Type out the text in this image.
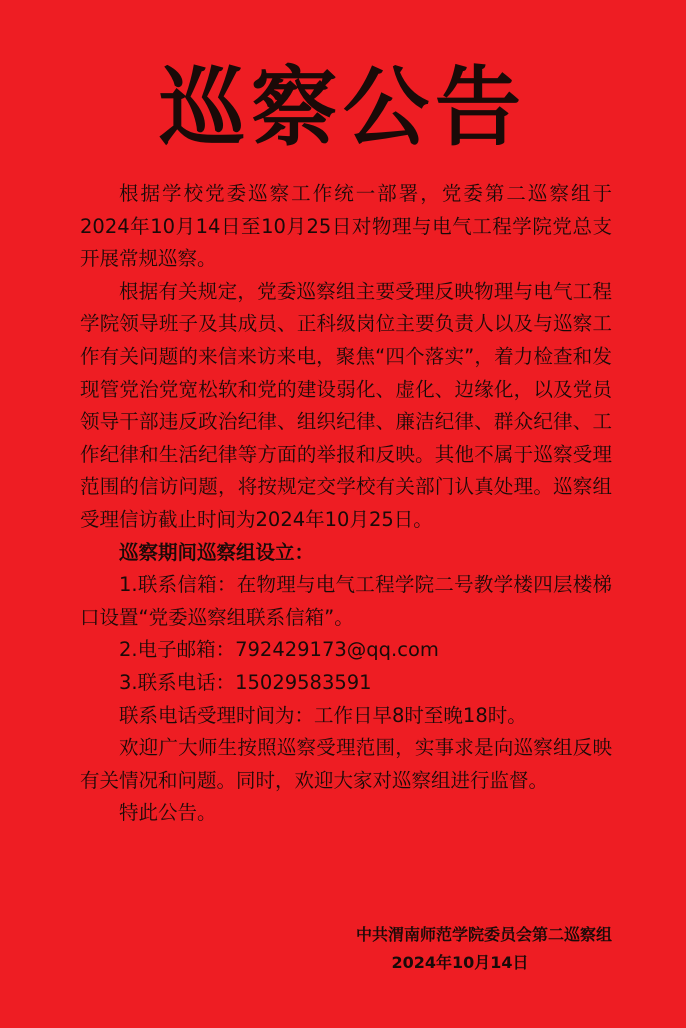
巡察公告

根据学校党委巡察工作统一部署，党委第二巡察组于2024年10月14日至10月25日对物理与电气工程学院党总支开展常规巡察。

根据有关规定，党委巡察组主要受理反映物理与电气工程学院领导班子及其成员、正科级岗位主要负责人以及与巡察工作有关问题的来信来访来电，聚焦“四个落实”，着力检查和发现管党治党宽松软和党的建设弱化、虚化、边缘化，以及党员领导干部违反政治纪律、组织纪律、廉洁纪律、群众纪律、工作纪律和生活纪律等方面的举报和反映。其他不属于巡察受理范围的信访问题，将按规定交学校有关部门认真处理。巡察组受理信访截止时间为2024年10月25日。

巡察期间巡察组设立：

1.联系信箱：在物理与电气工程学院二号教学楼四层楼梯口设置“党委巡察组联系信箱”。

2.电子邮箱：792429173@qq.com

3.联系电话：15029583591

联系电话受理时间为：工作日早8时至晚18时。

欢迎广大师生按照巡察受理范围，实事求是向巡察组反映有关情况和问题。同时，欢迎大家对巡察组进行监督。

特此公告。

中共渭南师范学院委员会第二巡察组
2024年10月14日
